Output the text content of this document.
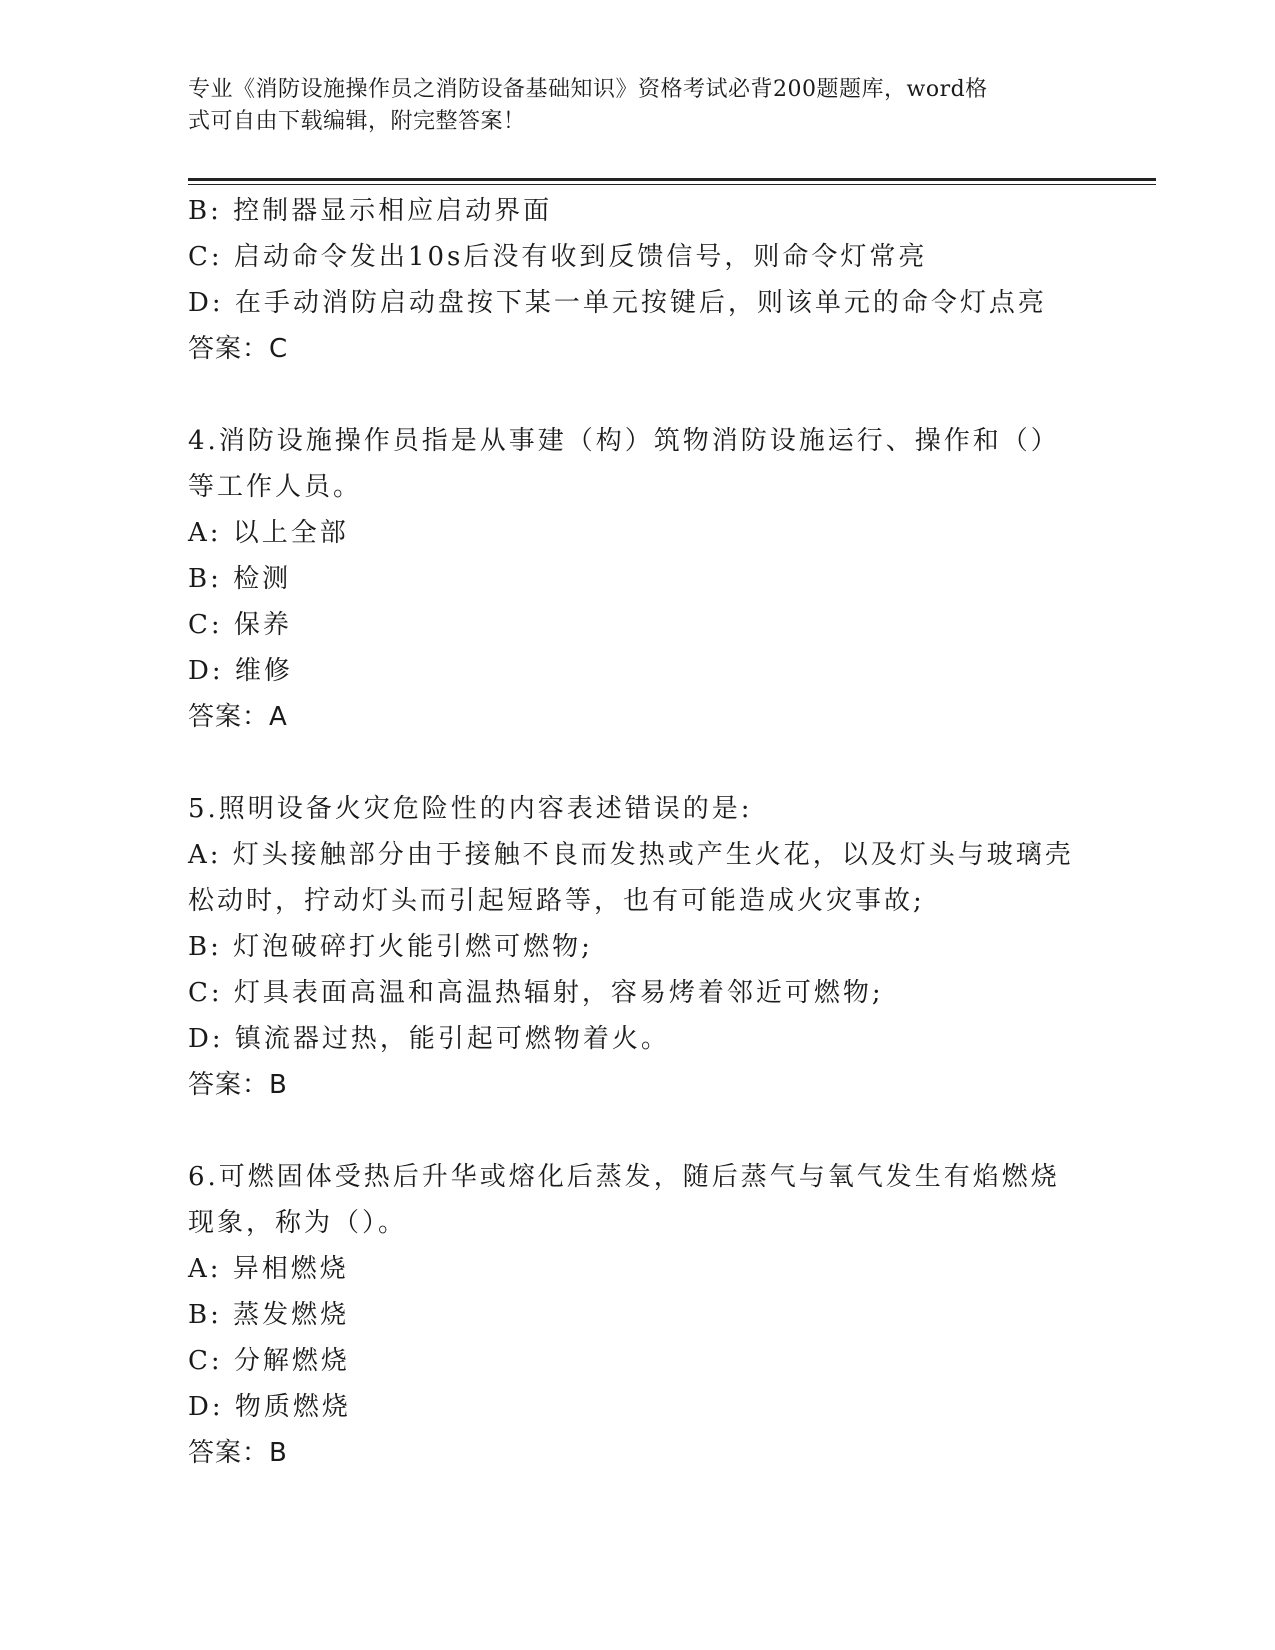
专业《消防设施操作员之消防设备基础知识》资格考试必背200题题库，word格
式可自由下载编辑，附完整答案！
B: 控制器显示相应启动界面
C: 启动命令发出10s后没有收到反馈信号，则命令灯常亮
D: 在手动消防启动盘按下某一单元按键后，则该单元的命令灯点亮
答案：C
4.消防设施操作员指是从事建（构）筑物消防设施运行、操作和（）
等工作人员。
A: 以上全部
B: 检测
C: 保养
D: 维修
答案：A
5.照明设备火灾危险性的内容表述错误的是:
A: 灯头接触部分由于接触不良而发热或产生火花，以及灯头与玻璃壳
松动时，拧动灯头而引起短路等，也有可能造成火灾事故;
B: 灯泡破碎打火能引燃可燃物;
C: 灯具表面高温和高温热辐射，容易烤着邻近可燃物;
D: 镇流器过热，能引起可燃物着火。
答案：B
6.可燃固体受热后升华或熔化后蒸发，随后蒸气与氧气发生有焰燃烧
现象，称为（）。
A: 异相燃烧
B: 蒸发燃烧
C: 分解燃烧
D: 物质燃烧
答案：B
